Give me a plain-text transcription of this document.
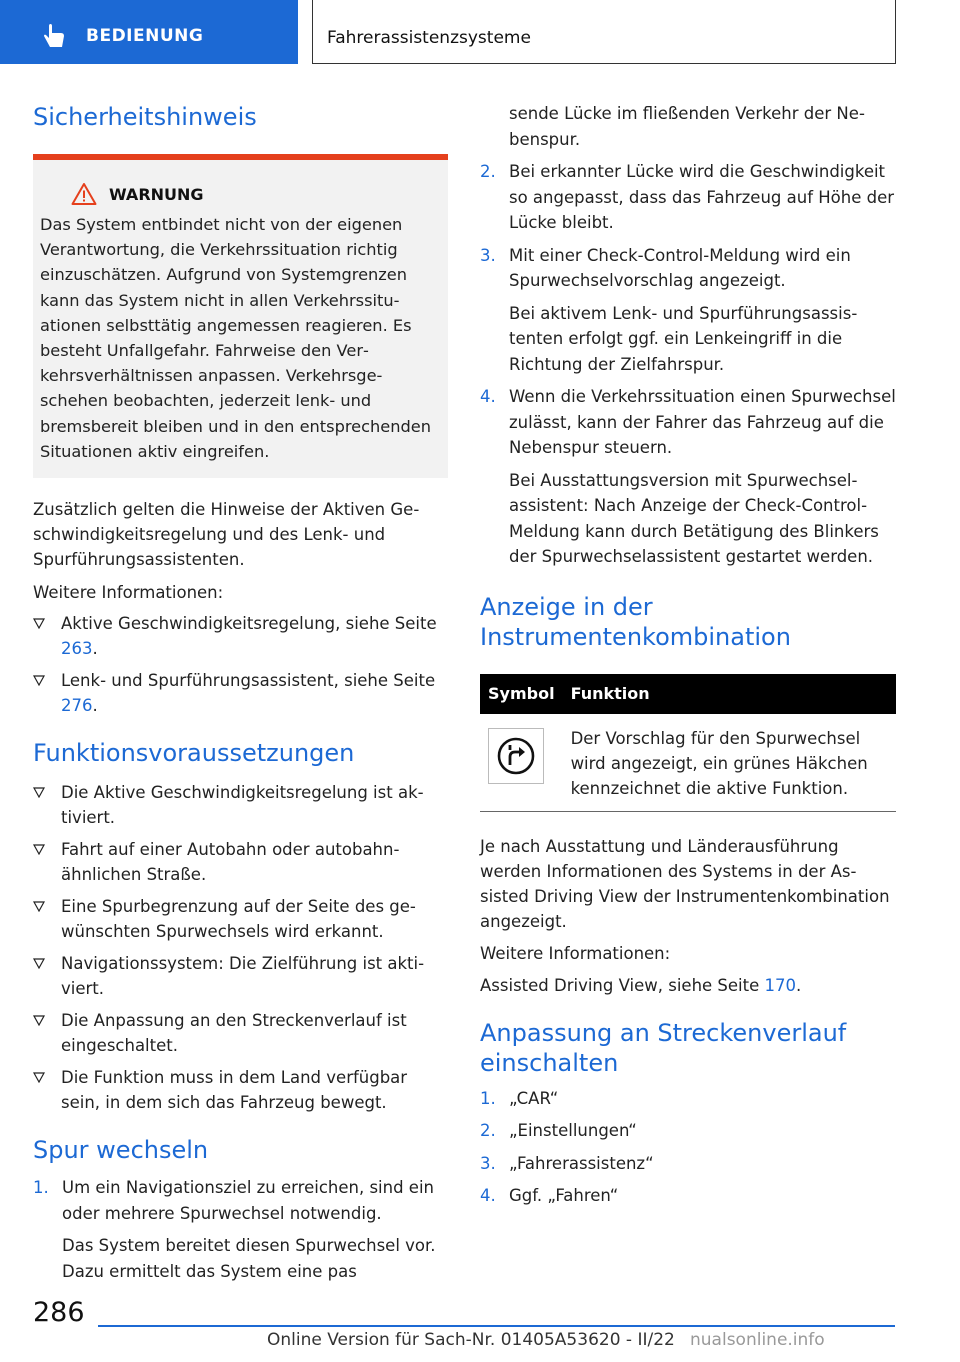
BEDIENUNG	Fahrerassistenzsysteme
Sicherheitshinweis
WARNUNG

Das System entbindet nicht von der eigenen Verantwortung, die Verkehrssituation richtig einzuschätzen. Aufgrund von Systemgrenzen kann das System nicht in allen Verkehrssituationen selbsttätig angemessen reagieren. Es besteht Unfallgefahr. Fahrweise den Verkehrsverhältnissen anpassen. Verkehrsgeschehen beobachten, jederzeit lenk- und bremsbereit bleiben und in den entsprechenden Situationen aktiv eingreifen.

Zusätzlich gelten die Hinweise der Aktiven Geschwindigkeitsregelung und des Lenk- und Spurführungsassistenten.

Weitere Informationen:

Aktive Geschwindigkeitsregelung, siehe Seite 263.
Lenk- und Spurführungsassistent, siehe Seite 276.
Funktionsvoraussetzungen
Die Aktive Geschwindigkeitsregelung ist aktiviert.
Fahrt auf einer Autobahn oder autobahnähnlichen Straße.
Eine Spurbegrenzung auf der Seite des gewünschten Spurwechsels wird erkannt.
Navigationssystem: Die Zielführung ist aktiviert.
Die Anpassung an den Streckenverlauf ist eingeschaltet.
Die Funktion muss in dem Land verfügbar sein, in dem sich das Fahrzeug bewegt.
Spur wechseln
1. Um ein Navigationsziel zu erreichen, sind ein oder mehrere Spurwechsel notwendig.
Das System bereitet diesen Spurwechsel vor. Dazu ermittelt das System eine pas
sende Lücke im fließenden Verkehr der Nebenspur.
2. Bei erkannter Lücke wird die Geschwindigkeit so angepasst, dass das Fahrzeug auf Höhe der Lücke bleibt.
3. Mit einer Check-Control-Meldung wird ein Spurwechselvorschlag angezeigt.
Bei aktivem Lenk- und Spurführungsassistenten erfolgt ggf. ein Lenkeingriff in die Richtung der Zielfahrspur.
4. Wenn die Verkehrssituation einen Spurwechsel zulässt, kann der Fahrer das Fahrzeug auf die Nebenspur steuern.
Bei Ausstattungsversion mit Spurwechselassistent: Nach Anzeige der Check-Control-Meldung kann durch Betätigung des Blinkers der Spurwechselassistent gestartet werden.
Anzeige in der Instrumentenkombination
Symbol	Funktion

	Der Vorschlag für den Spurwechsel wird angezeigt, ein grünes Häkchen kennzeichnet die aktive Funktion.

Je nach Ausstattung und Länderausführung werden Informationen des Systems in der Assisted Driving View der Instrumentenkombination angezeigt.

Weitere Informationen:

Assisted Driving View, siehe Seite 170.

Anpassung an Streckenverlauf einschalten
1. „CAR“
2. „Einstellungen“
3. „Fahrerassistenz“
4. Ggf. „Fahren“
286
Online Version für Sach-Nr. 01405A53620 - II/22 nualsonline.info
